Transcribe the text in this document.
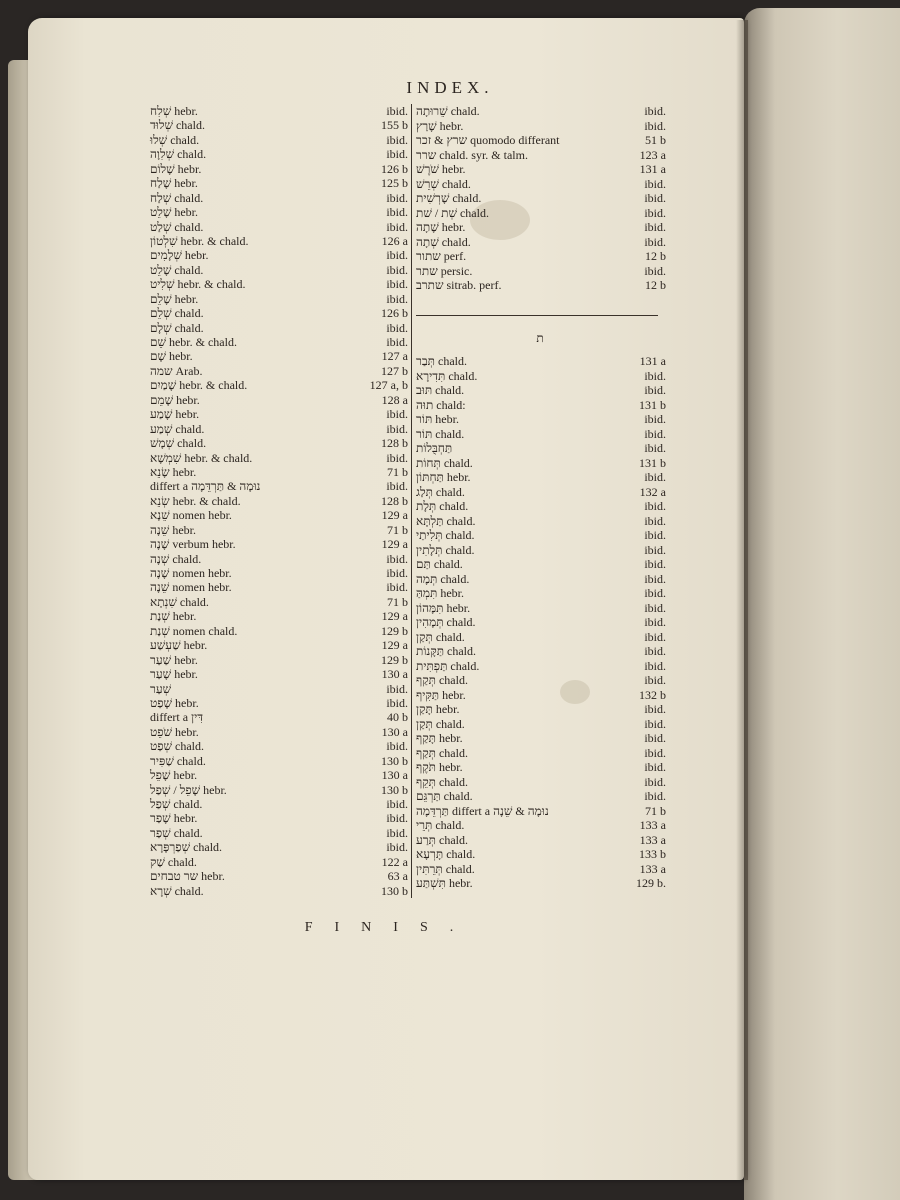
INDEX.
ת
שְׁלִח hebr.	ibid.
שְׁלוּד chald.	155 b
שְׁלוּ chald.	ibid.
שְׁלִוָה chald.	ibid.
שָׁלוֹם hebr.	126 b
שָׁלַח hebr.	125 b
שְׁלַח chald.	ibid.
שָׁלֵט hebr.	ibid.
שְׁלַט chald.	ibid.
שִׁלְטוֹן hebr. & chald.	126 a
שְׁלָמִים hebr.	ibid.
שָׁלֵט chald.	ibid.
שְׁלִיט hebr. & chald.	ibid.
שָׁלֵם hebr.	ibid.
שְׁלֵם chald.	126 b
שְׁלָם chald.	ibid.
שֵׁם hebr. & chald.	ibid.
שָׁם hebr.	127 a
שמה Arab.	127 b
שָׁמַיִם hebr. & chald.	127 a, b
שָׁמֵם hebr.	128 a
שָׁמַע hebr.	ibid.
שְׁמַע chald.	ibid.
שְׁמָשׁ chald.	128 b
שִׁמְשָׁא hebr. & chald.	ibid.
שָׂנֵא hebr.	71 b
differt a נוּמָה & תַּרְדֵּמָה	ibid.
שְׂנֵא hebr. & chald.	128 b
שֵׁנָא nomen hebr.	129 a
שֵׁנָה hebr.	71 b
שָׁנָה verbum hebr.	129 a
שְׁנָה chald.	ibid.
שָׁנָה nomen hebr.	ibid.
שֵׁנָה nomen hebr.	ibid.
שִׁנְתָא chald.	71 b
שְׁנַת hebr.	129 a
שְׁנַת nomen chald.	129 b
שַׁעְשַׁע hebr.	129 a
שַׁעַר hebr.	129 b
שָׁעַר hebr.	130 a
שְׁעַר	ibid.
שָׁפַט hebr.	ibid.
differt a דִּין	40 b
שֹׁפֵט hebr.	130 a
שְׁפַט chald.	ibid.
שַׁפִּיר chald.	130 b
שָׁפֵל hebr.	130 a
שָׁפֵל / שְׁפַל hebr.	130 b
שְׁפַל chald.	ibid.
שָׁפַר hebr.	ibid.
שְׁפַר chald.	ibid.
שְׁפַרְפָּרָא chald.	ibid.
שַׁק chald.	122 a
שר טבחים hebr.	63 a
שְׁרָא chald.	130 b
שֵׁרוּתָה chald.	ibid.
שָׁרַץ hebr.	ibid.
שרץ & זכר quomodo differant	51 b
שרר chald. syr. & talm.	123 a
שֹׁרֶשׁ hebr.	131 a
שְׁרֵשׁ chald.	ibid.
שָׁרְשִׁית chald.	ibid.
שְׁת / שׁת chald.	ibid.
שָׁתָה hebr.	ibid.
שְׁתָה chald.	ibid.
שתור perf.	12 b
שתר persic.	ibid.
שתרב sitrab. perf.	12 b
תְּבַר chald.	131 a
תִּדִירָא chald.	ibid.
תּוּב chald.	ibid.
תוּה chald:	131 b
תּוֹר hebr.	ibid.
תּוֹר chald.	ibid.
תַּחְבֻּלוֹת	ibid.
תְּחוֹת chald.	131 b
תַּחְתּוֹן hebr.	ibid.
תְּלַג chald.	132 a
תְּלָת chald.	ibid.
תַּלְתָּא chald.	ibid.
תְּלִיתַי chald.	ibid.
תְּלָתִין chald.	ibid.
תַּם chald.	ibid.
תְּמָה chald.	ibid.
תִּמְהַּ hebr.	ibid.
תִּמָּהוֹן hebr.	ibid.
תְּמָהִין chald.	ibid.
תְּקַן chald.	ibid.
תַּקָּנוֹת chald.	ibid.
תַּפְתִּית chald.	ibid.
תְּקַף chald.	ibid.
תַּקִּיף hebr.	132 b
תָּקַן hebr.	ibid.
תְּקַן chald.	ibid.
תָּקַף hebr.	ibid.
תְּקַף chald.	ibid.
תֹּקֶף hebr.	ibid.
תְּקֵף chald.	ibid.
תַּרְגֵּם chald.	ibid.
תַּרְדֵּמָה differt a נוּמָה & שֵׁנָה	71 b
תְּרֵי chald.	133 a
תְּרַע chald.	133 a
תָּרְעָא chald.	133 b
תְּרֵתִּין chald.	133 a
תִּשְׁתַּע hebr.	129 b.
FINIS.
